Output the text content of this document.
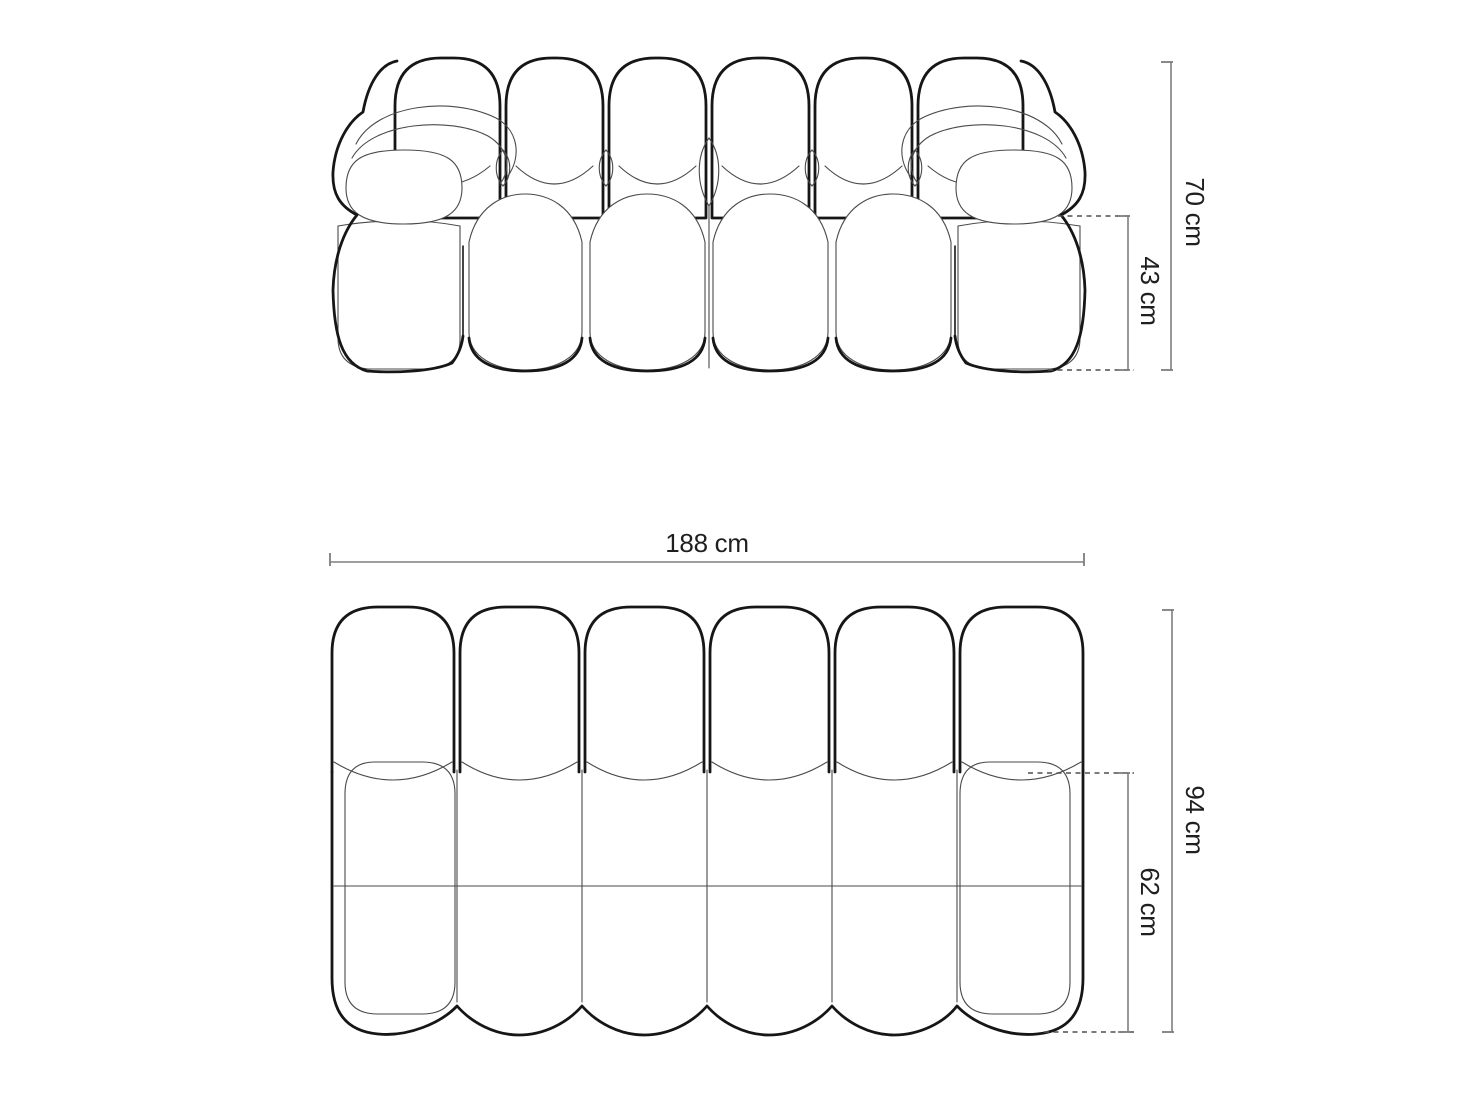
70 cm
43 cm
188 cm
94 cm
62 cm
